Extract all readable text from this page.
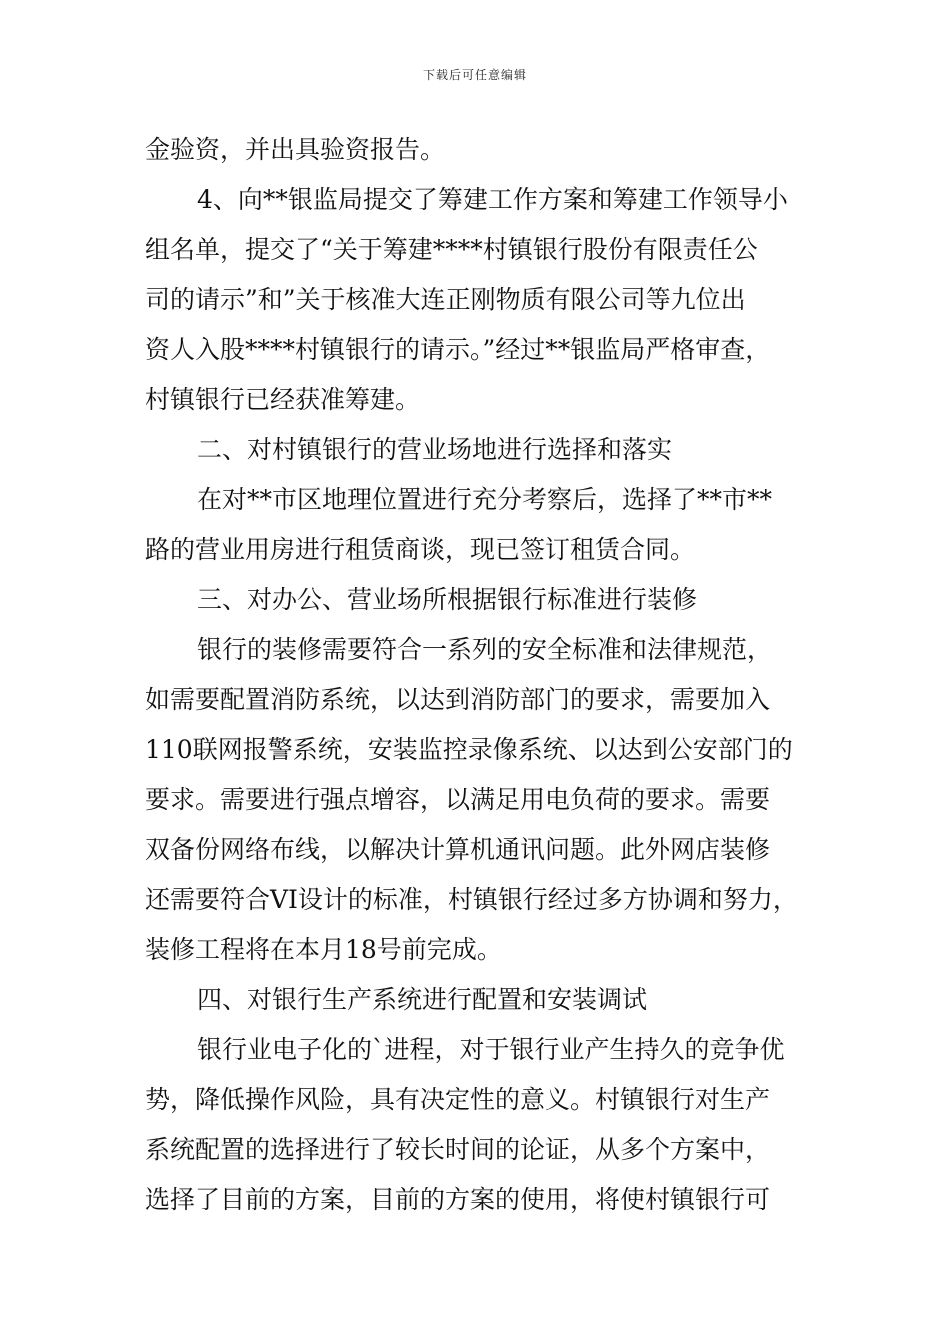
下载后可任意编辑

金验资，并出具验资报告。

4、向**银监局提交了筹建工作方案和筹建工作领导小

组名单，提交了“关于筹建****村镇银行股份有限责任公

司的请示”和”关于核准大连正刚物质有限公司等九位出

资人入股****村镇银行的请示。”经过**银监局严格审查，

村镇银行已经获准筹建。

二、对村镇银行的营业场地进行选择和落实

在对**市区地理位置进行充分考察后，选择了**市**

路的营业用房进行租赁商谈，现已签订租赁合同。

三、对办公、营业场所根据银行标准进行装修

银行的装修需要符合一系列的安全标准和法律规范，

如需要配置消防系统，以达到消防部门的要求，需要加入

110联网报警系统，安装监控录像系统、以达到公安部门的

要求。需要进行强点增容，以满足用电负荷的要求。需要

双备份网络布线，以解决计算机通讯问题。此外网店装修

还需要符合VI设计的标准，村镇银行经过多方协调和努力，

装修工程将在本月18号前完成。

四、对银行生产系统进行配置和安装调试

银行业电子化的`进程，对于银行业产生持久的竞争优

势，降低操作风险，具有决定性的意义。村镇银行对生产

系统配置的选择进行了较长时间的论证，从多个方案中，

选择了目前的方案，目前的方案的使用，将使村镇银行可
